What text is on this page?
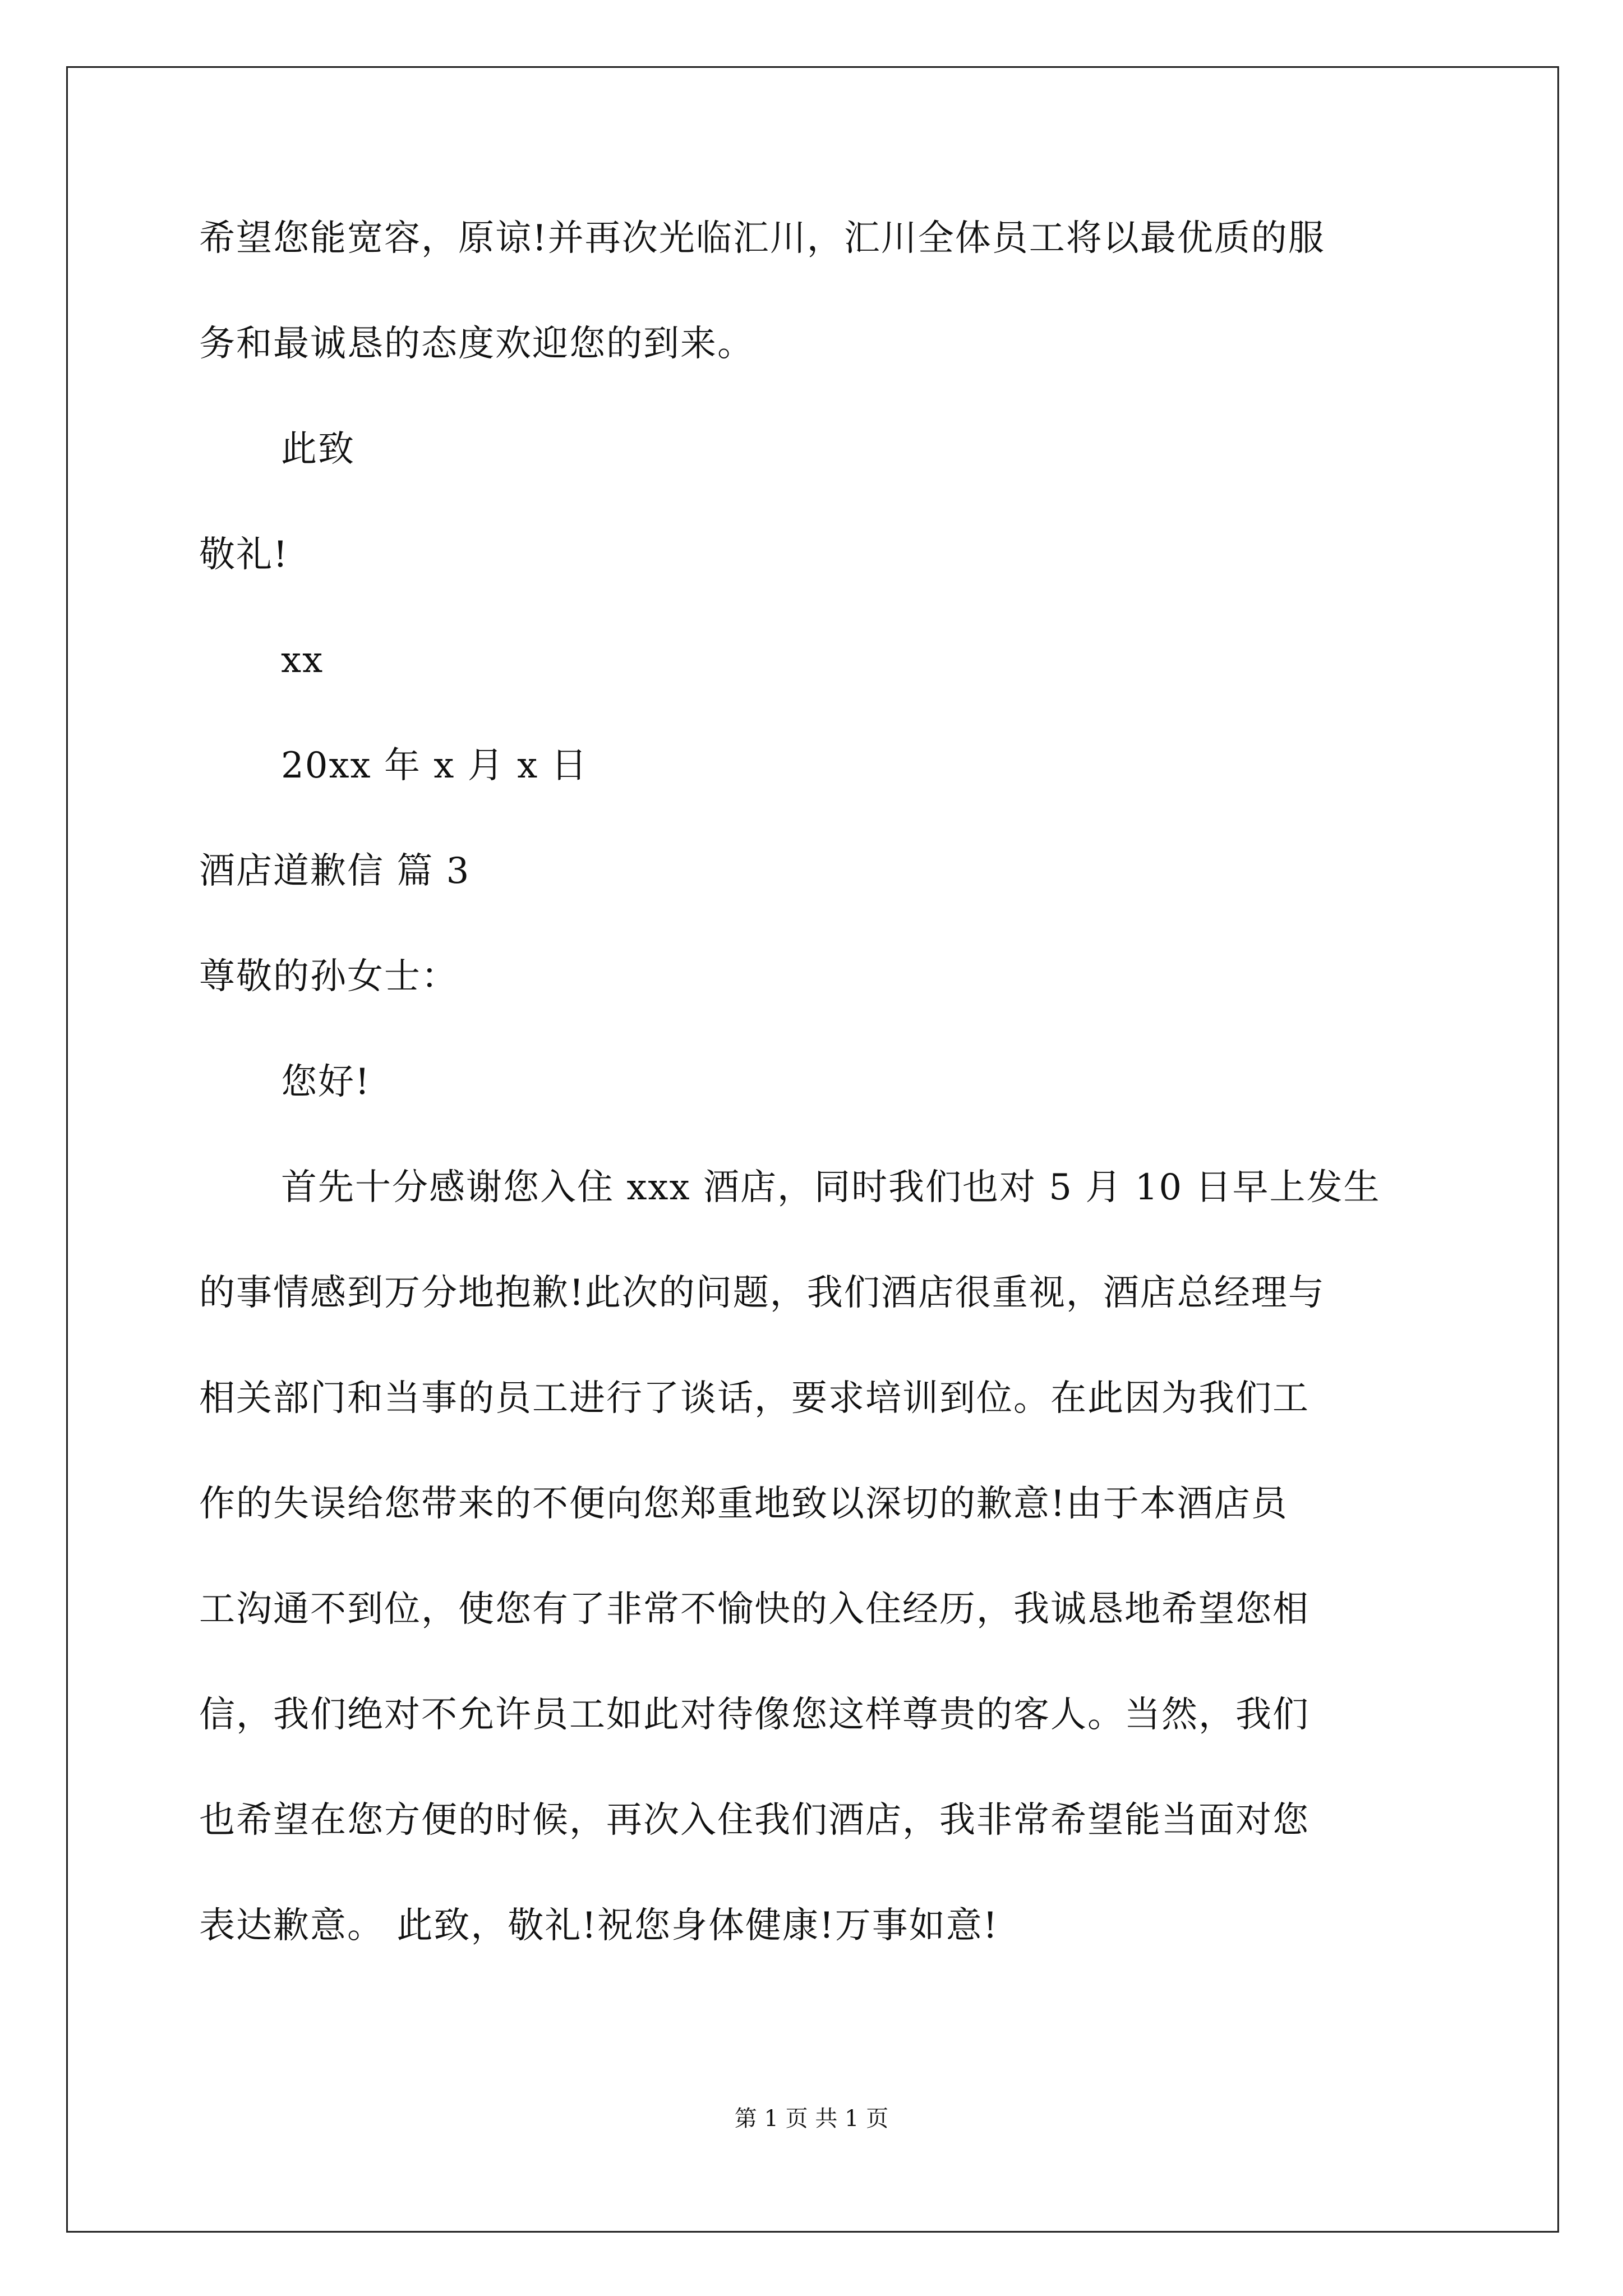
希望您能宽容，原谅!并再次光临汇川，汇川全体员工将以最优质的服
务和最诚恳的态度欢迎您的到来。
此致
敬礼!
xx
20xx 年 x 月 x 日
酒店道歉信 篇 3
尊敬的孙女士：
您好!
首先十分感谢您入住 xxx 酒店，同时我们也对 5 月 10 日早上发生
的事情感到万分地抱歉!此次的问题，我们酒店很重视，酒店总经理与
相关部门和当事的员工进行了谈话，要求培训到位。在此因为我们工
作的失误给您带来的不便向您郑重地致以深切的歉意!由于本酒店员
工沟通不到位，使您有了非常不愉快的入住经历，我诚恳地希望您相
信，我们绝对不允许员工如此对待像您这样尊贵的客人。当然，我们
也希望在您方便的时候，再次入住我们酒店，我非常希望能当面对您
表达歉意。 此致，敬礼!祝您身体健康!万事如意!
第 1 页 共 1 页
